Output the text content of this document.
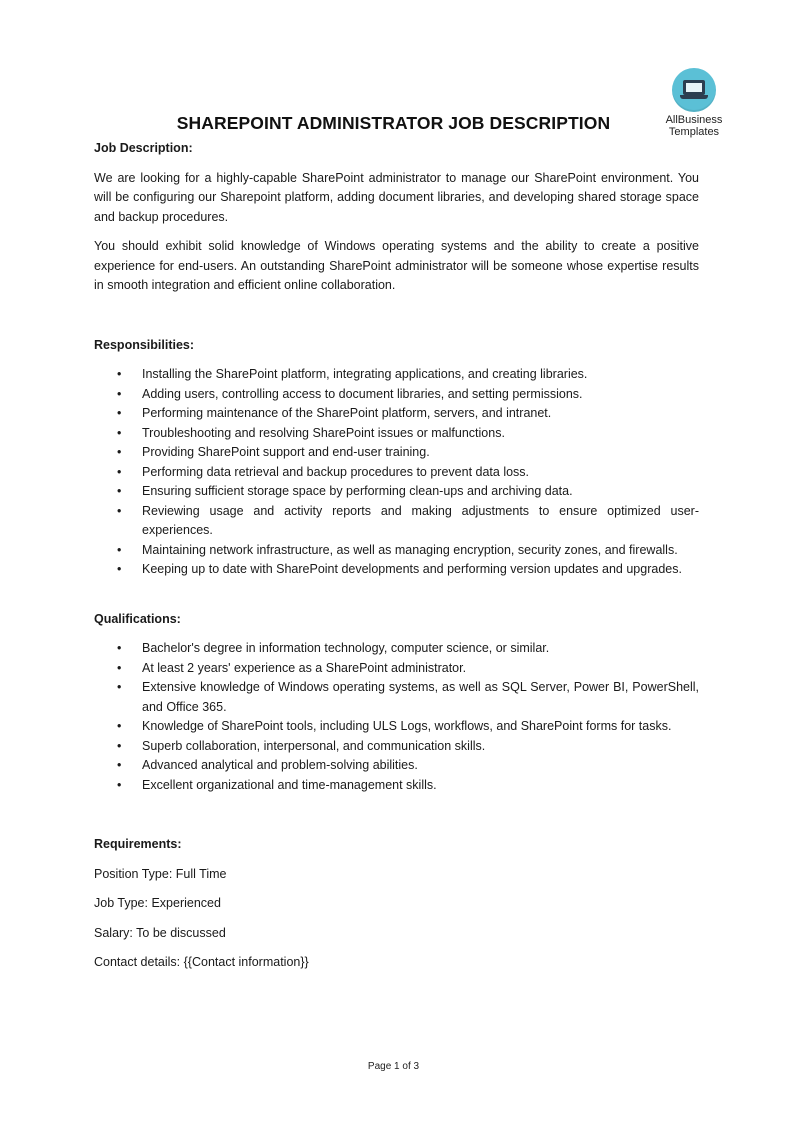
AllBusiness
Templates
SHAREPOINT ADMINISTRATOR JOB DESCRIPTION
Job Description:

We are looking for a highly-capable SharePoint administrator to manage our SharePoint environment. You will be configuring our Sharepoint platform, adding document libraries, and developing shared storage space and backup procedures.

You should exhibit solid knowledge of Windows operating systems and the ability to create a positive experience for end-users. An outstanding SharePoint administrator will be someone whose expertise results in smooth integration and efficient online collaboration.

Responsibilities:
• Installing the SharePoint platform, integrating applications, and creating libraries.
• Adding users, controlling access to document libraries, and setting permissions.
• Performing maintenance of the SharePoint platform, servers, and intranet.
• Troubleshooting and resolving SharePoint issues or malfunctions.
• Providing SharePoint support and end-user training.
• Performing data retrieval and backup procedures to prevent data loss.
• Ensuring sufficient storage space by performing clean-ups and archiving data.
• Reviewing usage and activity reports and making adjustments to ensure optimized user-experiences.
• Maintaining network infrastructure, as well as managing encryption, security zones, and firewalls.
• Keeping up to date with SharePoint developments and performing version updates and upgrades.
Qualifications:
• Bachelor's degree in information technology, computer science, or similar.
• At least 2 years' experience as a SharePoint administrator.
• Extensive knowledge of Windows operating systems, as well as SQL Server, Power BI, PowerShell, and Office 365.
• Knowledge of SharePoint tools, including ULS Logs, workflows, and SharePoint forms for tasks.
• Superb collaboration, interpersonal, and communication skills.
• Advanced analytical and problem-solving abilities.
• Excellent organizational and time-management skills.
Requirements:
Position Type: Full Time
Job Type: Experienced
Salary: To be discussed
Contact details: {{Contact information}}
Page 1 of 3
